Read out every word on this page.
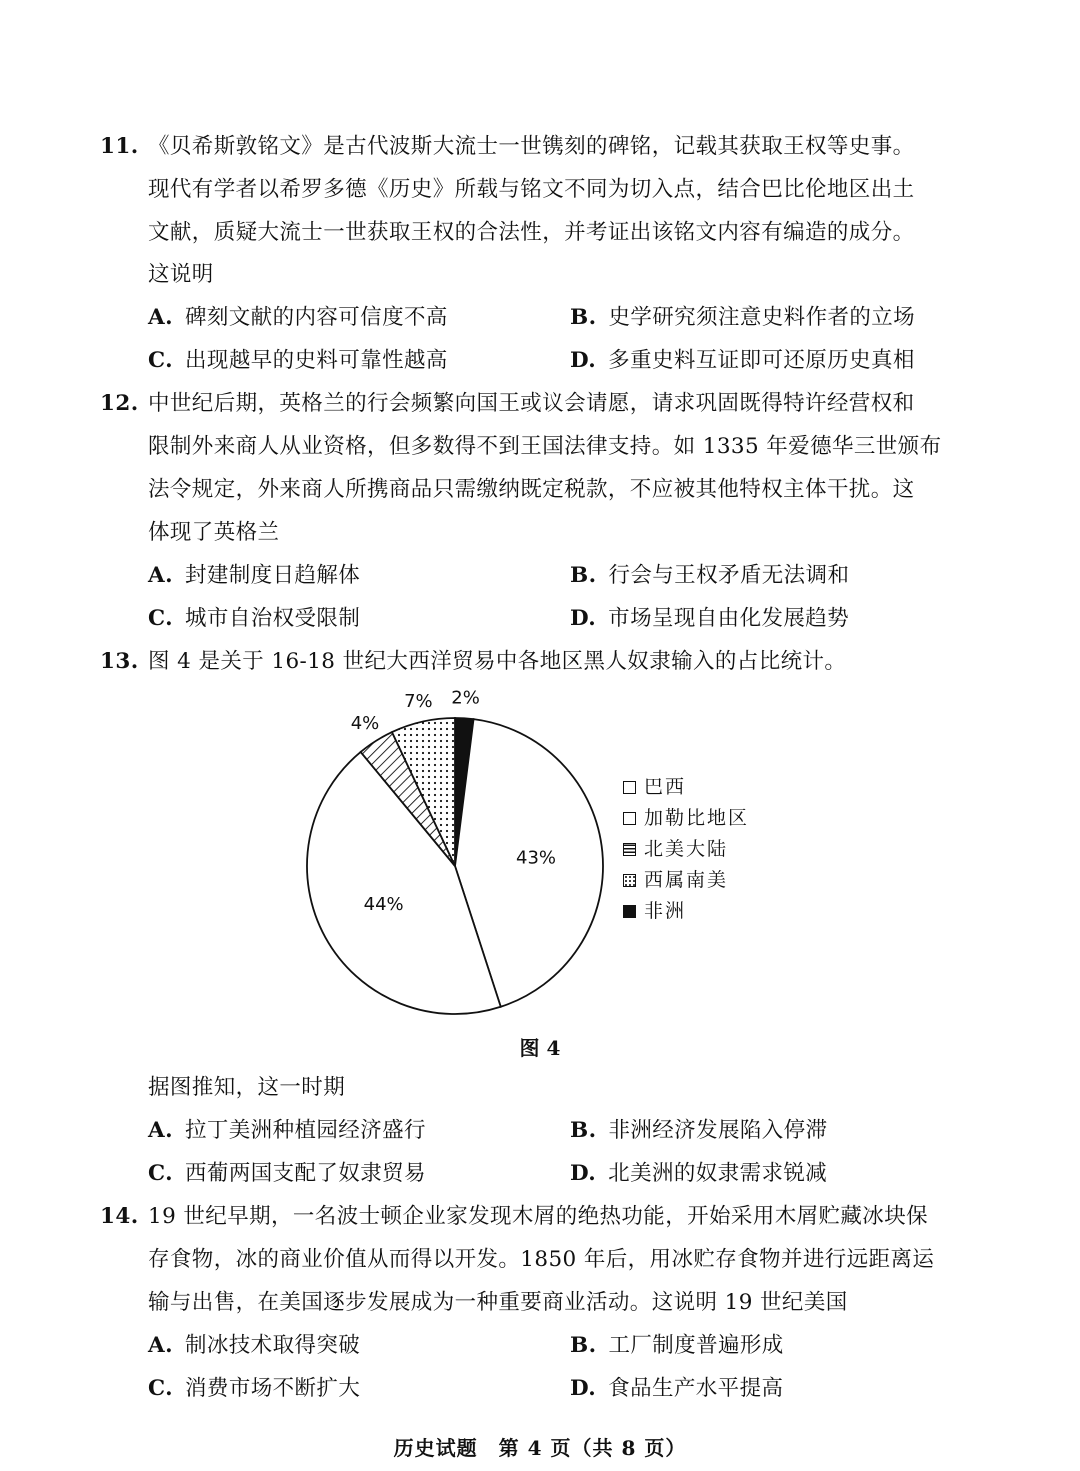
11. 《贝希斯敦铭文》是古代波斯大流士一世镌刻的碑铭，记载其获取王权等史事。
现代有学者以希罗多德《历史》所载与铭文不同为切入点，结合巴比伦地区出土
文献，质疑大流士一世获取王权的合法性，并考证出该铭文内容有编造的成分。
这说明
A. 碑刻文献的内容可信度不高	B. 史学研究须注意史料作者的立场
C. 出现越早的史料可靠性越高	D. 多重史料互证即可还原历史真相
12. 中世纪后期，英格兰的行会频繁向国王或议会请愿，请求巩固既得特许经营权和
限制外来商人从业资格，但多数得不到王国法律支持。如 1335 年爱德华三世颁布
法令规定，外来商人所携商品只需缴纳既定税款，不应被其他特权主体干扰。这
体现了英格兰
A. 封建制度日趋解体	B. 行会与王权矛盾无法调和
C. 城市自治权受限制	D. 市场呈现自由化发展趋势
13. 图 4 是关于 16-18 世纪大西洋贸易中各地区黑人奴隶输入的占比统计。
2%
43%
44%
4%
7%
巴西
加勒比地区
北美大陆
西属南美
非洲
图 4
据图推知，这一时期
A. 拉丁美洲种植园经济盛行	B. 非洲经济发展陷入停滞
C. 西葡两国支配了奴隶贸易	D. 北美洲的奴隶需求锐减
14. 19 世纪早期，一名波士顿企业家发现木屑的绝热功能，开始采用木屑贮藏冰块保
存食物，冰的商业价值从而得以开发。1850 年后，用冰贮存食物并进行远距离运
输与出售，在美国逐步发展成为一种重要商业活动。这说明 19 世纪美国
A. 制冰技术取得突破	B. 工厂制度普遍形成
C. 消费市场不断扩大	D. 食品生产水平提高
历史试题　第 4 页（共 8 页）
